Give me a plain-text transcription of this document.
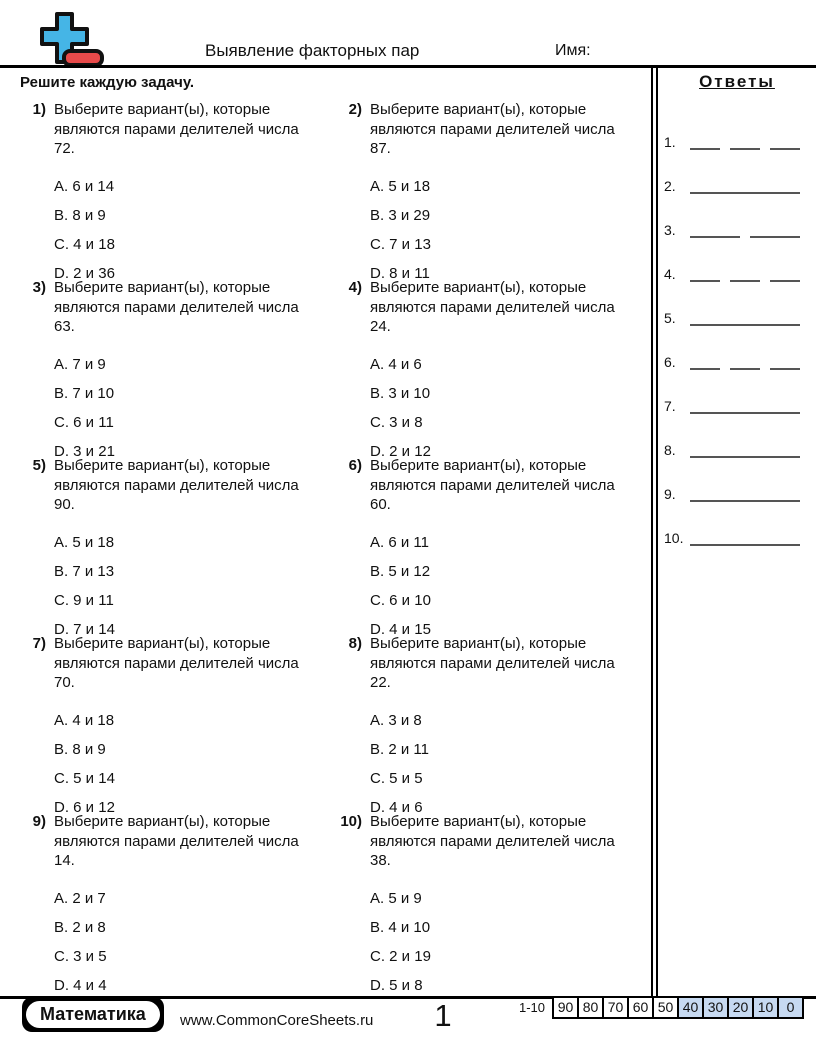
Выявление факторных пар	Имя:
Решите каждую задачу.
1) Выберите вариант(ы), которые
являются парами делителей числа
72.
A. 6 и 14
B. 8 и 9
C. 4 и 18
D. 2 и 36
2) Выберите вариант(ы), которые
являются парами делителей числа
87.
A. 5 и 18
B. 3 и 29
C. 7 и 13
D. 8 и 11
3) Выберите вариант(ы), которые
являются парами делителей числа
63.
A. 7 и 9
B. 7 и 10
C. 6 и 11
D. 3 и 21
4) Выберите вариант(ы), которые
являются парами делителей числа
24.
A. 4 и 6
B. 3 и 10
C. 3 и 8
D. 2 и 12
5) Выберите вариант(ы), которые
являются парами делителей числа
90.
A. 5 и 18
B. 7 и 13
C. 9 и 11
D. 7 и 14
6) Выберите вариант(ы), которые
являются парами делителей числа
60.
A. 6 и 11
B. 5 и 12
C. 6 и 10
D. 4 и 15
7) Выберите вариант(ы), которые
являются парами делителей числа
70.
A. 4 и 18
B. 8 и 9
C. 5 и 14
D. 6 и 12
8) Выберите вариант(ы), которые
являются парами делителей числа
22.
A. 3 и 8
B. 2 и 11
C. 5 и 5
D. 4 и 6
9) Выберите вариант(ы), которые
являются парами делителей числа
14.
A. 2 и 7
B. 2 и 8
C. 3 и 5
D. 4 и 4
10) Выберите вариант(ы), которые
являются парами делителей числа
38.
A. 5 и 9
B. 4 и 10
C. 2 и 19
D. 5 и 8
Ответы
1.
2.
3.
4.
5.
6.
7.
8.
9.
10.
Математика	www.CommonCoreSheets.ru	1	1-10 90 80 70 60 50 40 30 20 10 0
